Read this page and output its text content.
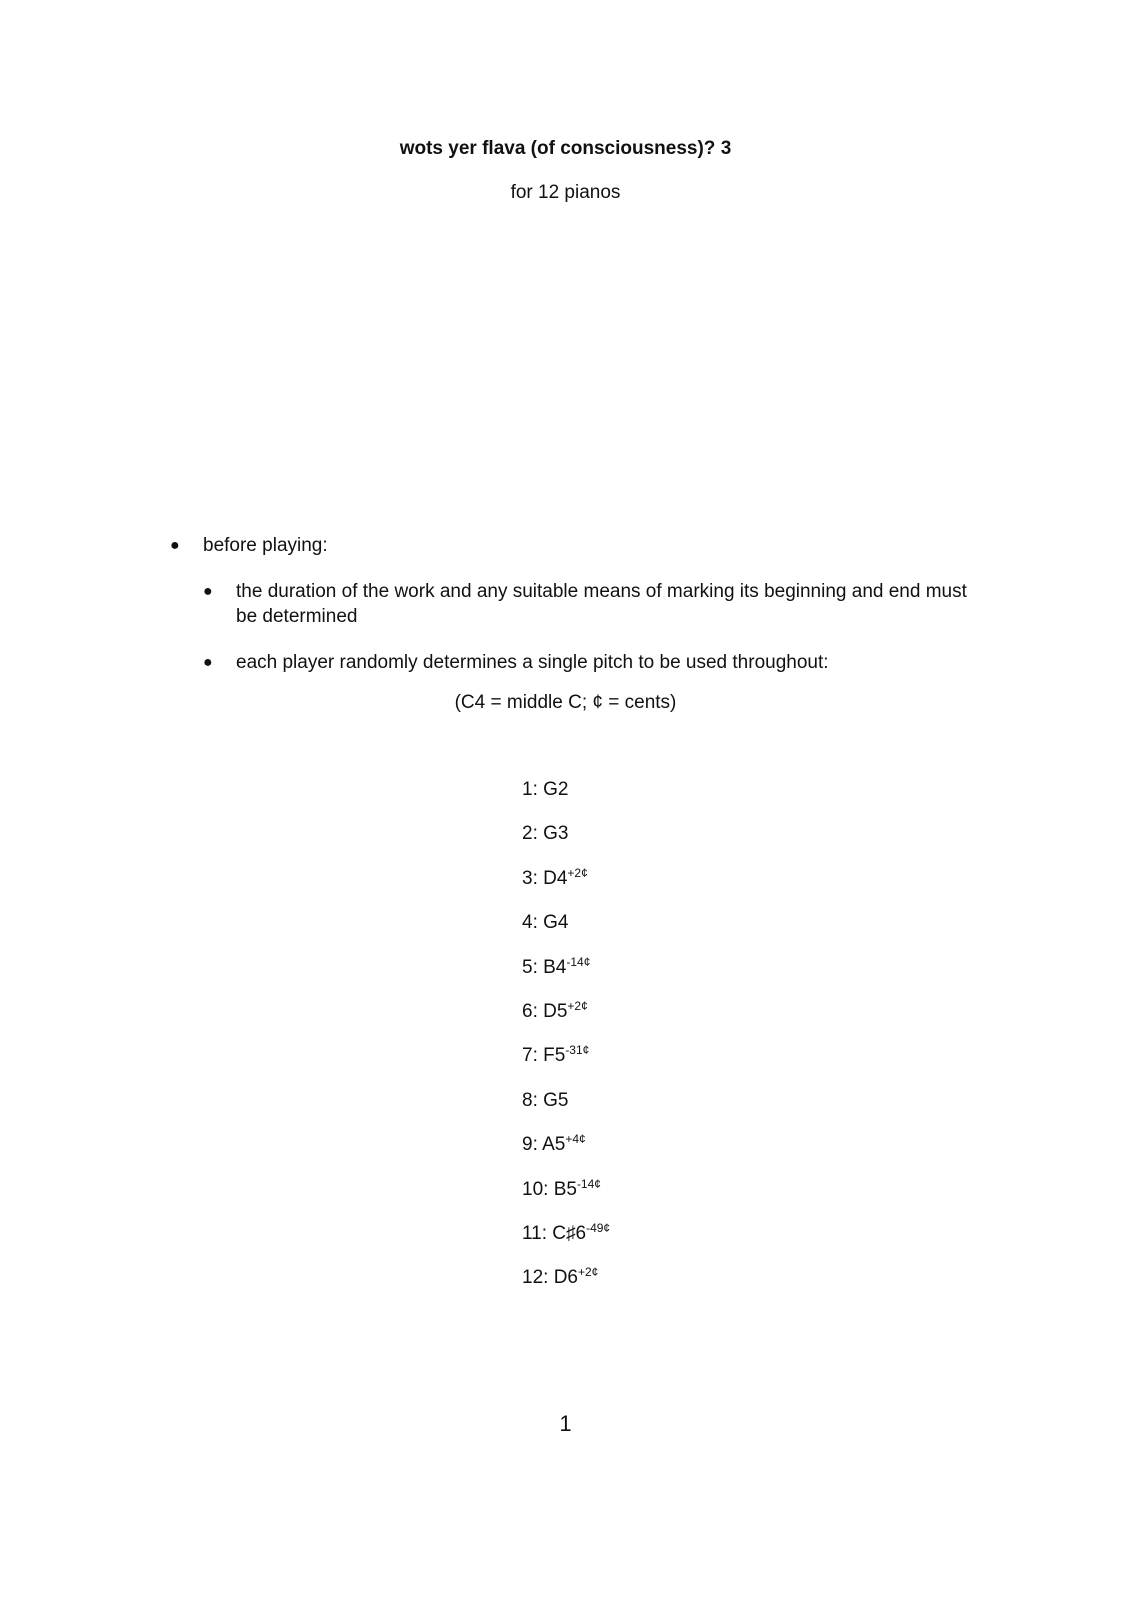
wots yer flava (of consciousness)? 3
for 12 pianos
● before playing:
● the duration of the work and any suitable means of marking its beginning and end must be determined
● each player randomly determines a single pitch to be used throughout:
(C4 = middle C; ¢ = cents)
1: G2
2: G3
3: $D4^{+2¢}$
4: G4
5: $B4^{-14¢}$
6: $D5^{+2¢}$
7: $F5^{-31¢}$
8: G5
9: $A5^{+4¢}$
10: $B5^{-14¢}$
11: $C♯6^{-49¢}$
12: $D6^{+2¢}$
1
